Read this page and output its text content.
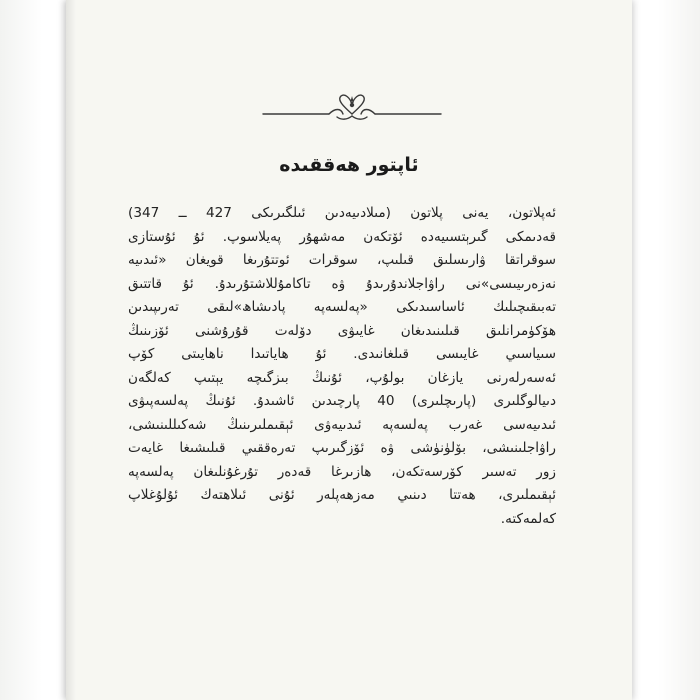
ئاپتور ھەققىدە
ئەپلاتون، يەنى پلاتون (مىلادىيەدىن ئىلگىرىكى 427 ــ 347)
قەدىمكى گىرېتسىيەدە ئۆتكەن مەشھۇر پەيلاسوپ. ئۇ ئۇستازى
سوقراتقا ۋارىسلىق قىلىپ، سوقرات ئوتتۇرىغا قويغان «ئىدىيە
نەزەرىيىسى»نى راۋاجلاندۇرىدۇ ۋە تاكامۇللاشتۇرىدۇ. ئۇ قاتتىق
تەبىقىچىلىك ئاساسىدىكى «پەلسەپە پادىشاھ»لىقى تەرىپىدىن
ھۆكۈمرانلىق قىلىنىدىغان غايىۋى دۆلەت قۇرۇشنى ئۆزىنىڭ
سىياسىي غايىسى قىلغانىدى. ئۇ ھاياتىدا ناھايىتى كۆپ
ئەسەرلەرنى يازغان بولۇپ، ئۇنىڭ بىزگىچە يېتىپ كەلگەن
دىيالوگلىرى (پارىچلىرى) 40 پارچىدىن ئاشىدۇ. ئۇنىڭ پەلسەپىۋى
ئىدىيەسى غەرب پەلسەپە ئىدىيەۋى ئېقىملىرىنىڭ شەكىللىنىشى،
راۋاجلىنىشى، بۆلۈنۈشى ۋە ئۆزگىرىپ تەرەققىي قىلىشىغا غايەت
زور تەسىر كۆرسەتكەن، ھازىرغا قەدەر تۇرغۇنلىغان پەلسەپە
ئېقىملىرى، ھەتتا دىنىي مەزھەپلەر ئۇنى ئىلاھتەك ئۇلۇغلاپ
كەلمەكتە.
